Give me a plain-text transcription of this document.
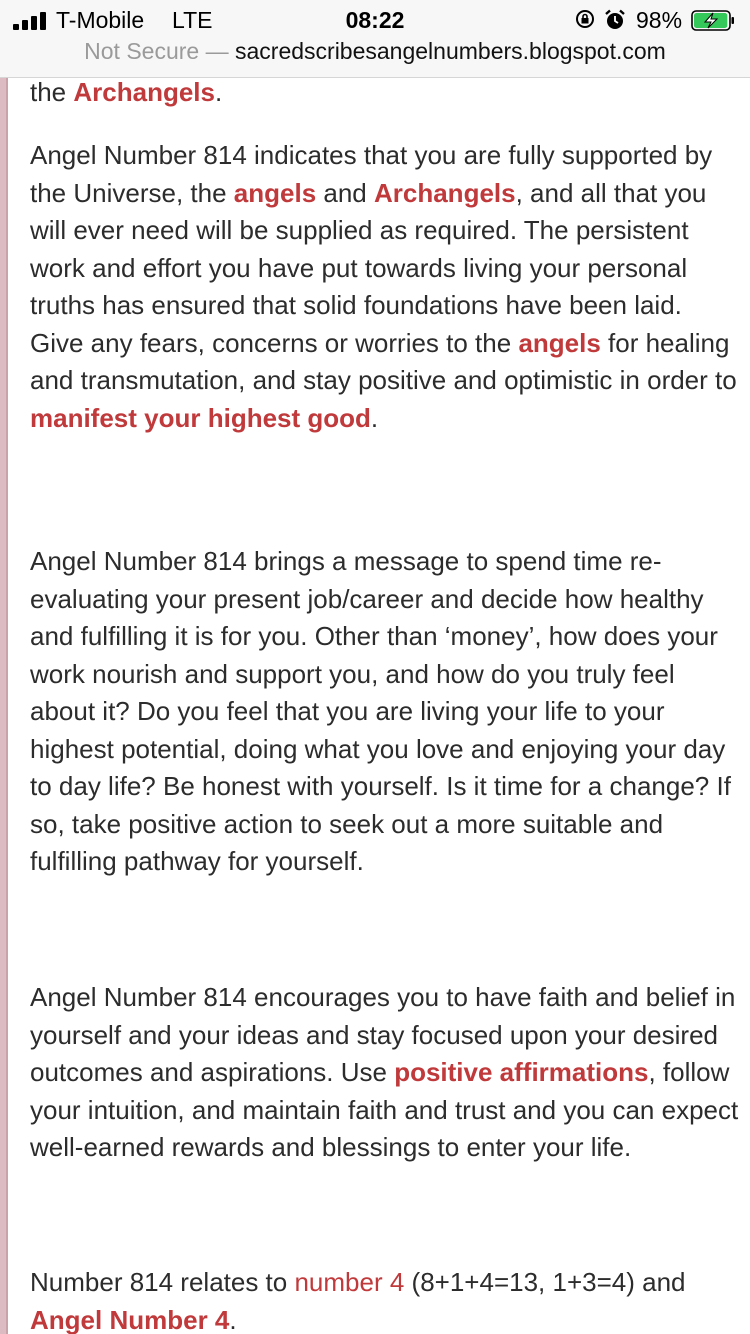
T-Mobile LTE	08:22	98%
Not Secure — sacredscribesangelnumbers.blogspot.com

the Archangels.

Angel Number 814 indicates that you are fully supported by the Universe, the angels and Archangels, and all that you will ever need will be supplied as required. The persistent work and effort you have put towards living your personal truths has ensured that solid foundations have been laid. Give any fears, concerns or worries to the angels for healing and transmutation, and stay positive and optimistic in order to manifest your highest good.

Angel Number 814 brings a message to spend time re-evaluating your present job/career and decide how healthy and fulfilling it is for you. Other than ‘money’, how does your work nourish and support you, and how do you truly feel about it? Do you feel that you are living your life to your highest potential, doing what you love and enjoying your day to day life? Be honest with yourself. Is it time for a change? If so, take positive action to seek out a more suitable and fulfilling pathway for yourself.

Angel Number 814 encourages you to have faith and belief in yourself and your ideas and stay focused upon your desired outcomes and aspirations. Use positive affirmations, follow your intuition, and maintain faith and trust and you can expect well-earned rewards and blessings to enter your life.

Number 814 relates to number 4 (8+1+4=13, 1+3=4) and Angel Number 4.
